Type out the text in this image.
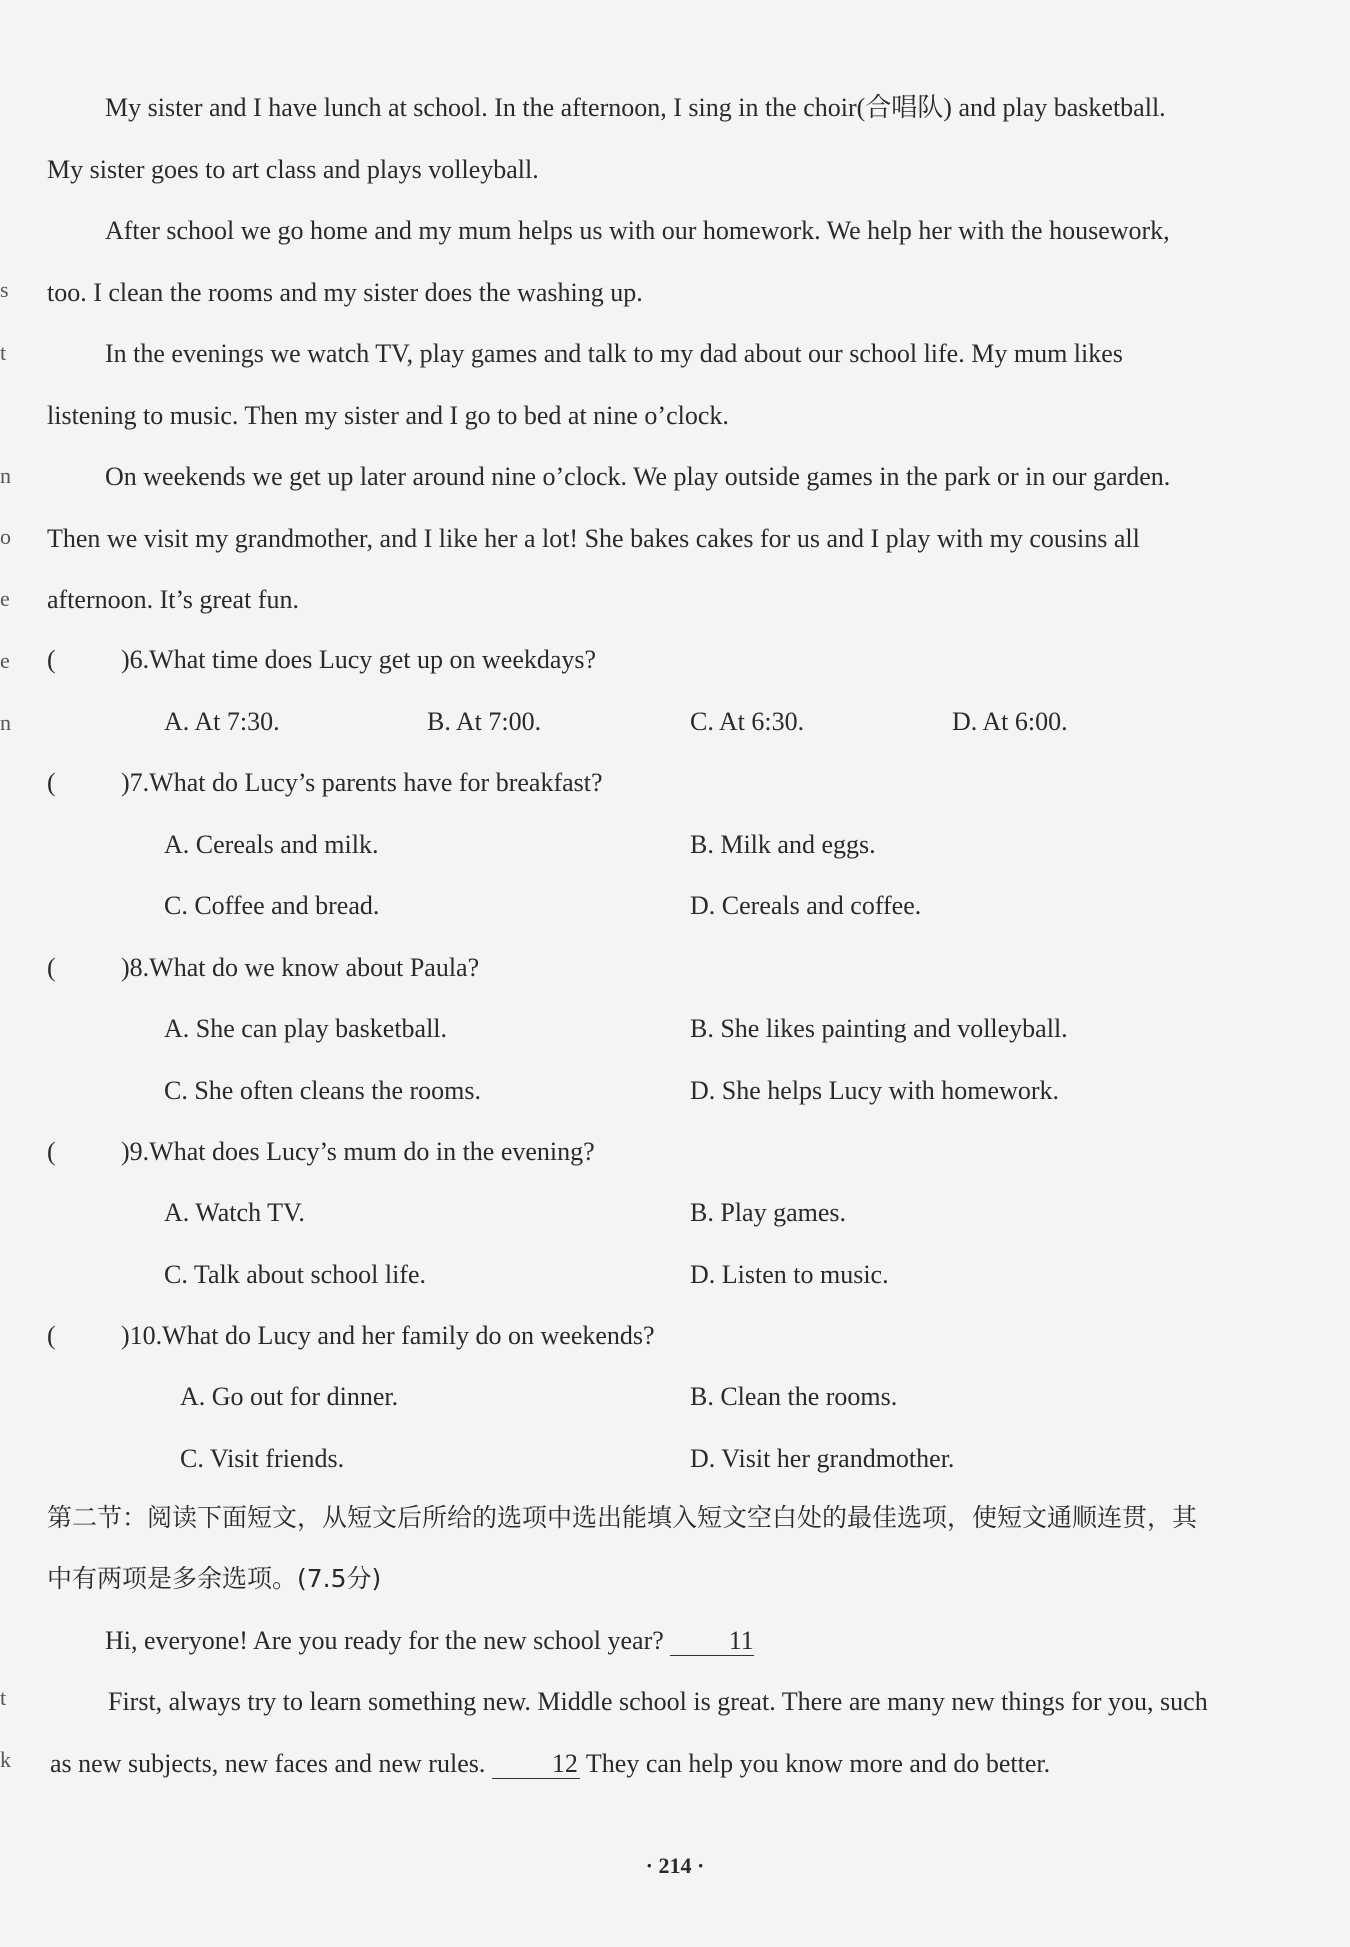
s
t
n
o
e
e
n
t
k

My sister and I have lunch at school. In the afternoon, I sing in the choir(合唱队) and play basketball. My sister goes to art class and plays volleyball.

After school we go home and my mum helps us with our homework. We help her with the housework, too. I clean the rooms and my sister does the washing up.

In the evenings we watch TV, play games and talk to my dad about our school life. My mum likes listening to music. Then my sister and I go to bed at nine o’clock.

On weekends we get up later around nine o’clock. We play outside games in the park or in our garden. Then we visit my grandmother, and I like her a lot! She bakes cakes for us and I play with my cousins all afternoon. It’s great fun.

(	)6.What time does Lucy get up on weekdays?
A. At 7:30.	B. At 7:00.	C. At 6:30.	D. At 6:00.
(	)7.What do Lucy’s parents have for breakfast?
A. Cereals and milk.	B. Milk and eggs.
C. Coffee and bread.	D. Cereals and coffee.
(	)8.What do we know about Paula?
A. She can play basketball.	B. She likes painting and volleyball.
C. She often cleans the rooms.	D. She helps Lucy with homework.
(	)9.What does Lucy’s mum do in the evening?
A. Watch TV.	B. Play games.
C. Talk about school life.	D. Listen to music.
(	)10.What do Lucy and her family do on weekends?
A. Go out for dinner.	B. Clean the rooms.
C. Visit friends.	D. Visit her grandmother.

第二节：阅读下面短文，从短文后所给的选项中选出能填入短文空白处的最佳选项，使短文通顺连贯，其中有两项是多余选项。(7.5分)

Hi, everyone! Are you ready for the new school year? 11

First, always try to learn something new. Middle school is great. There are many new things for you, such as new subjects, new faces and new rules.	12 They can help you know more and do better.

· 214 ·
